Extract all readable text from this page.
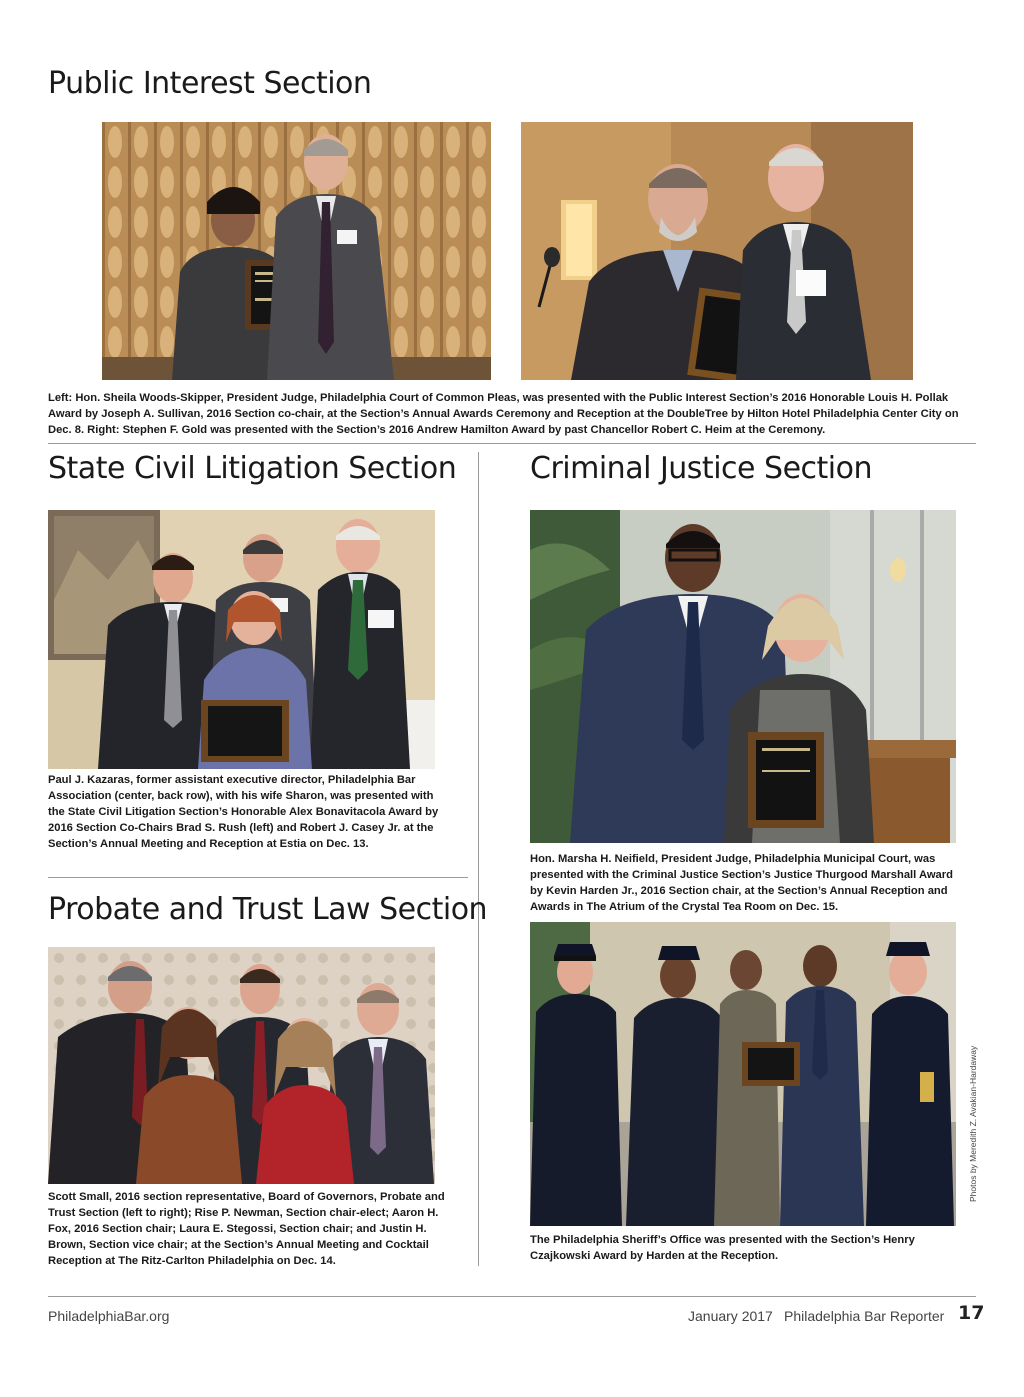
Public Interest Section

Left: Hon. Sheila Woods-Skipper, President Judge, Philadelphia Court of Common Pleas, was presented with the Public Interest Section’s 2016 Honorable Louis H. Pollak Award by Joseph A. Sullivan, 2016 Section co-chair, at the Section’s Annual Awards Ceremony and Reception at the DoubleTree by Hilton Hotel Philadelphia Center City on Dec. 8. Right: Stephen F. Gold was presented with the Section’s 2016 Andrew Hamilton Award by past Chancellor Robert C. Heim at the Ceremony.

State Civil Litigation Section

Paul J. Kazaras, former assistant executive director, Philadelphia Bar Association (center, back row), with his wife Sharon, was presented with the State Civil Litigation Section’s Honorable Alex Bonavitacola Award by 2016 Section Co-Chairs Brad S. Rush (left) and Robert J. Casey Jr. at the Section’s Annual Meeting and Reception at Estia on Dec. 13.

Probate and Trust Law Section

Scott Small, 2016 section representative, Board of Governors, Probate and Trust Section (left to right); Rise P. Newman, Section chair-elect; Aaron H. Fox, 2016 Section chair; Laura E. Stegossi, Section chair; and Justin H. Brown, Section vice chair; at the Section’s Annual Meeting and Cocktail Reception at The Ritz-Carlton Philadelphia on Dec. 14.

Criminal Justice Section

Hon. Marsha H. Neifield, President Judge, Philadelphia Municipal Court, was presented with the Criminal Justice Section’s Justice Thurgood Marshall Award by Kevin Harden Jr., 2016 Section chair, at the Section’s Annual Reception and Awards in The Atrium of the Crystal Tea Room on Dec. 15.

Photos by Meredith Z. Avakian-Hardaway

The Philadelphia Sheriff’s Office was presented with the Section’s Henry Czajkowski Award by Harden at the Reception.

PhiladelphiaBar.org	January 2017 Philadelphia Bar Reporter 17
